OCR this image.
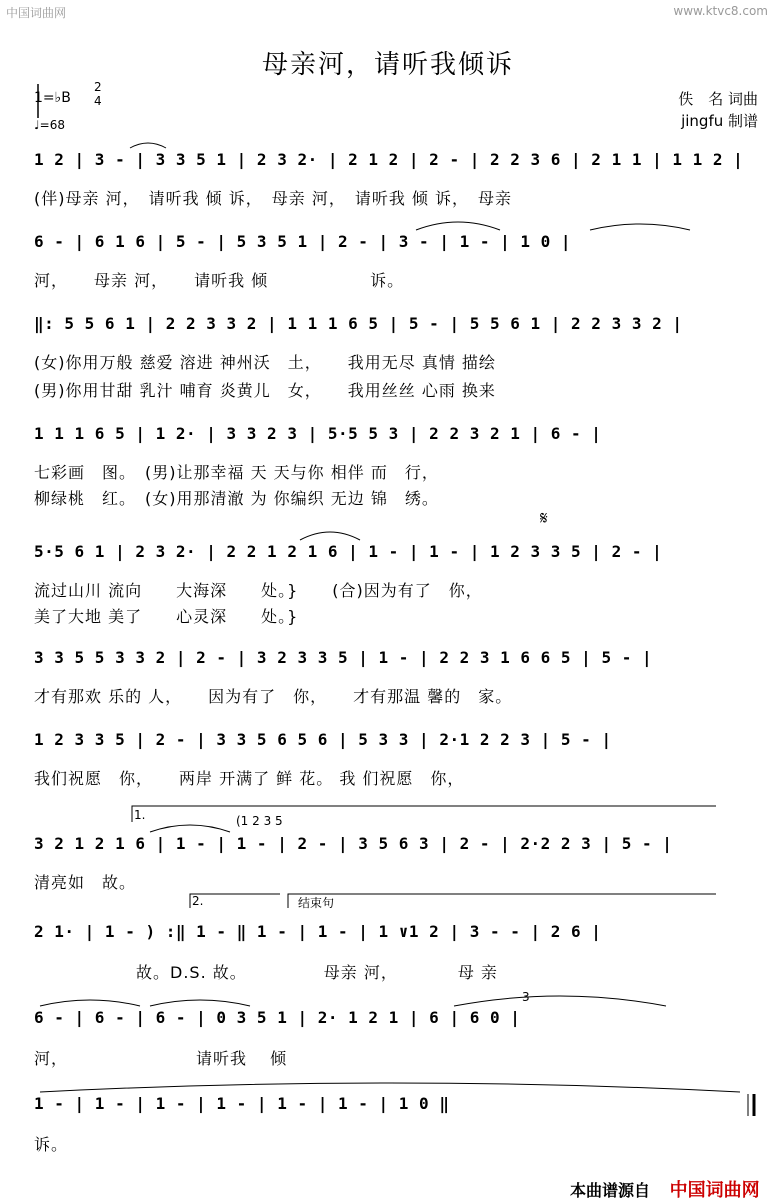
中国词曲网	www.ktvc8.com
母亲河，请听我倾诉
1=♭B
2
4
♩=68
佚　名 词曲
jingfu 制谱
1 2 | 3 - | 3 3 5 1 | 2 3 2· | 2 1 2 | 2 - | 2 2 3 6 | 2 1 1 | 1 1 2 |
(伴)母亲 河，　请听我 倾 诉，　母亲 河，　请听我 倾 诉，　母亲
6 - | 6 1 6 | 5 - | 5 3 5 1 | 2 - | 3 - | 1 - | 1 0 |
河，　　母亲 河，　　请听我 倾　　　　　　诉。
‖: 5 5 6 1 | 2 2 3 3 2 | 1 1 1 6 5 | 5 - | 5 5 6 1 | 2 2 3 3 2 |
(女)你用万般 慈爱 溶进 神州沃　土，　　我用无尽 真情 描绘
(男)你用甘甜 乳汁 哺育 炎黄儿　女，　　我用丝丝 心雨 换来
1 1 1 6 5 | 1 2· | 3 3 2 3 | 5·5 5 3 | 2 2 3 2 1 | 6 - |
七彩画　图。　(男)让那幸福 天 天与你 相伴 而　行，
柳绿桃　红。　(女)用那清澈 为 你编织 无边 锦　绣。
𝄋
5·5 6 1 | 2 3 2· | 2 2 1 2 1 6 | 1 - | 1 - | 1 2 3 3 5 | 2 - |
流过山川 流向　　大海深　　处。}　　(合)因为有了　你，
美了大地 美了　　心灵深　　处。}
3 3 5 5 3 3 2 | 2 - | 3 2 3 3 5 | 1 - | 2 2 3 1 6 6 5 | 5 - |
才有那欢 乐的 人，　　因为有了　你，　　才有那温 馨的　家。
1 2 3 3 5 | 2 - | 3 3 5 6 5 6 | 5 3 3 | 2·1 2 2 3 | 5 - |
我们祝愿　你，　　两岸 开满了 鲜 花。 我 们祝愿　你，
1.	(1 2 3 5
3 2 1 2 1 6 | 1 - | 1 - | 2 - | 3 5 6 3 | 2 - | 2·2 2 3 | 5 - |
清亮如　故。
2.	结束句
2 1· | 1 - ) :‖ 1 - ‖ 1 - | 1 - | 1 ∨1 2 | 3 - - | 2 6 |
　　　　　　故。D.S. 故。　　　　　母亲 河，　　　　母 亲
3
6 - | 6 - | 6 - | 0 3 5 1 | 2· 1 2 1 | 6 | 6 0 |
河，　　　　　　　　请听我　 倾
1 - | 1 - | 1 - | 1 - | 1 - | 1 - | 1 0 ‖
诉。
本曲谱源自 中国词曲网
